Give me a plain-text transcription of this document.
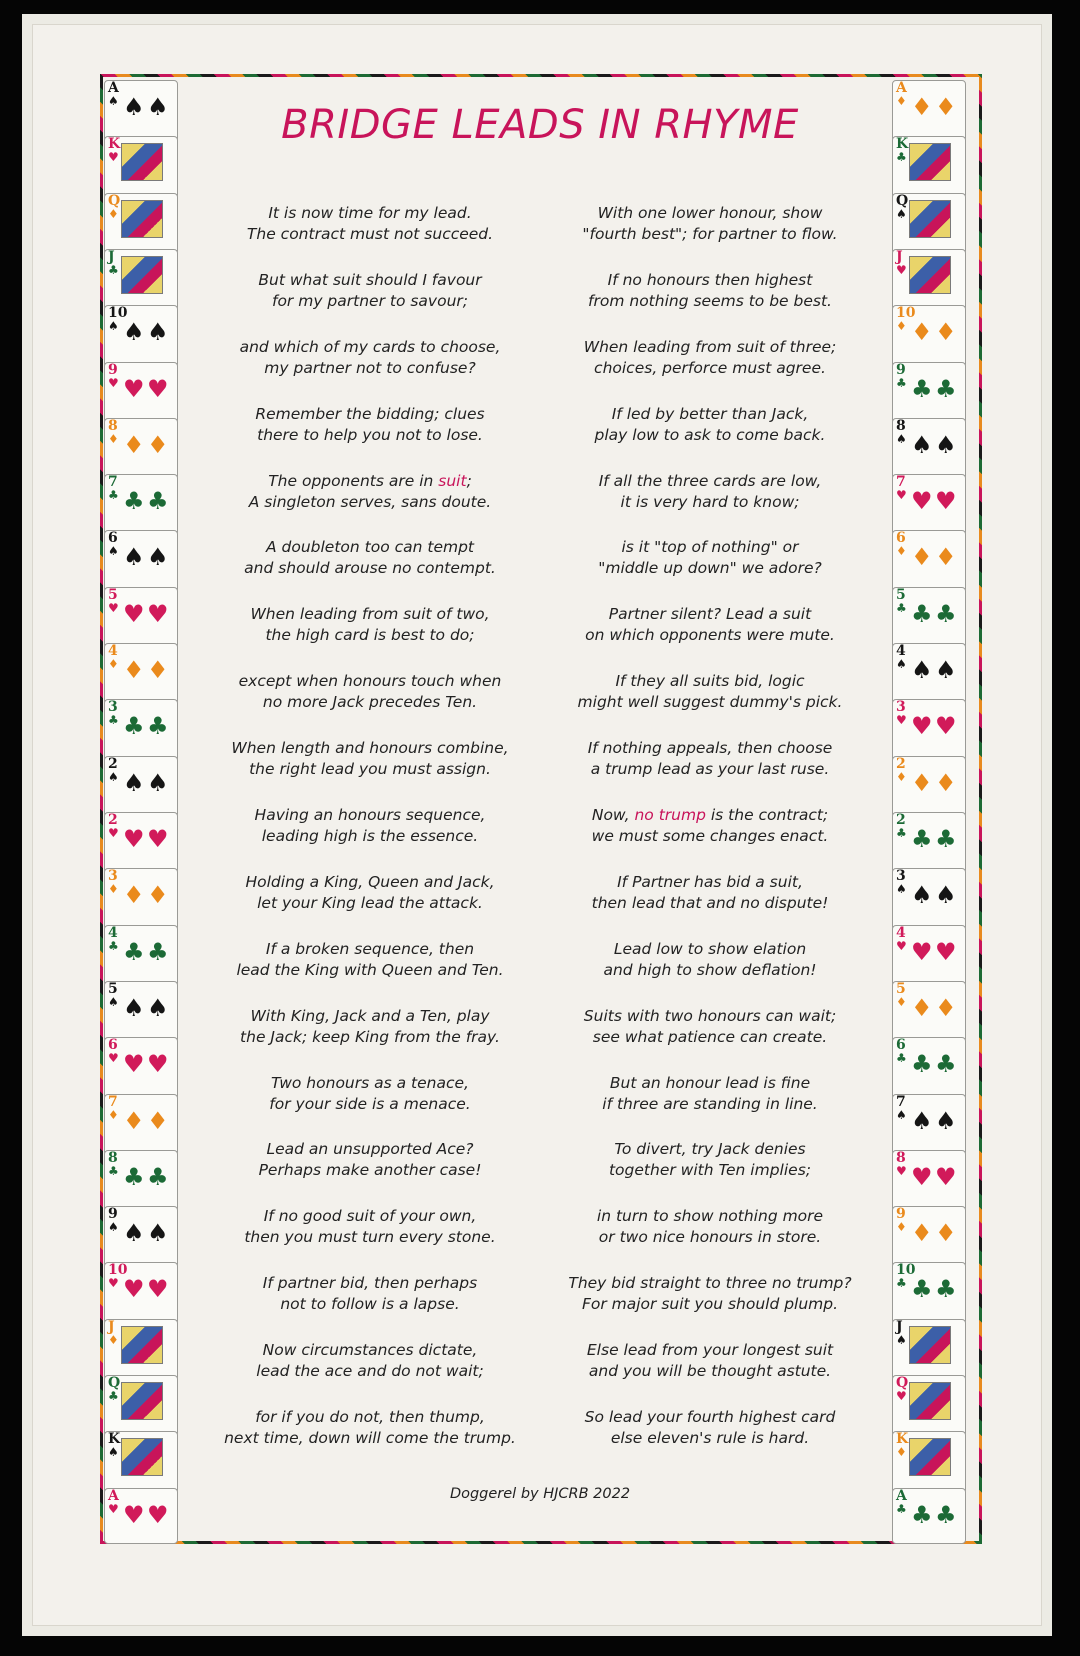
A
♠ ♠ ♠
K
♥
Q
♦
J
♣
10
♠ ♠ ♠
9
♥ ♥ ♥
8
♦ ♦ ♦
7
♣ ♣ ♣
6
♠ ♠ ♠
5
♥ ♥ ♥
4
♦ ♦ ♦
3
♣ ♣ ♣
2
♠ ♠ ♠
2
♥ ♥ ♥
3
♦ ♦ ♦
4
♣ ♣ ♣
5
♠ ♠ ♠
6
♥ ♥ ♥
7
♦ ♦ ♦
8
♣ ♣ ♣
9
♠ ♠ ♠
10
♥ ♥ ♥
J
♦
Q
♣
K
♠
A
♥ ♥ ♥
A
♦ ♦ ♦
K
♣
Q
♠
J
♥
10
♦ ♦ ♦
9
♣ ♣ ♣
8
♠ ♠ ♠
7
♥ ♥ ♥
6
♦ ♦ ♦
5
♣ ♣ ♣
4
♠ ♠ ♠
3
♥ ♥ ♥
2
♦ ♦ ♦
2
♣ ♣ ♣
3
♠ ♠ ♠
4
♥ ♥ ♥
5
♦ ♦ ♦
6
♣ ♣ ♣
7
♠ ♠ ♠
8
♥ ♥ ♥
9
♦ ♦ ♦
10
♣ ♣ ♣
J
♠
Q
♥
K
♦
A
♣ ♣ ♣
BRIDGE LEADS IN RHYME

It is now time for my lead.

The contract must not succeed.

But what suit should I favour

for my partner to savour;

and which of my cards to choose,

my partner not to confuse?

Remember the bidding; clues

there to help you not to lose.

The opponents are in suit;

A singleton serves, sans doute.

A doubleton too can tempt

and should arouse no contempt.

When leading from suit of two,

the high card is best to do;

except when honours touch when

no more Jack precedes Ten.

When length and honours combine,

the right lead you must assign.

Having an honours sequence,

leading high is the essence.

Holding a King, Queen and Jack,

let your King lead the attack.

If a broken sequence, then

lead the King with Queen and Ten.

With King, Jack and a Ten, play

the Jack; keep King from the fray.

Two honours as a tenace,

for your side is a menace.

Lead an unsupported Ace?

Perhaps make another case!

If no good suit of your own,

then you must turn every stone.

If partner bid, then perhaps

not to follow is a lapse.

Now circumstances dictate,

lead the ace and do not wait;

for if you do not, then thump,

next time, down will come the trump.

With one lower honour, show

"fourth best"; for partner to flow.

If no honours then highest

from nothing seems to be best.

When leading from suit of three;

choices, perforce must agree.

If led by better than Jack,

play low to ask to come back.

If all the three cards are low,

it is very hard to know;

is it "top of nothing" or

"middle up down" we adore?

Partner silent? Lead a suit

on which opponents were mute.

If they all suits bid, logic

might well suggest dummy's pick.

If nothing appeals, then choose

a trump lead as your last ruse.

Now, no trump is the contract;

we must some changes enact.

If Partner has bid a suit,

then lead that and no dispute!

Lead low to show elation

and high to show deflation!

Suits with two honours can wait;

see what patience can create.

But an honour lead is fine

if three are standing in line.

To divert, try Jack denies

together with Ten implies;

in turn to show nothing more

or two nice honours in store.

They bid straight to three no trump?

For major suit you should plump.

Else lead from your longest suit

and you will be thought astute.

So lead your fourth highest card

else eleven's rule is hard.

Doggerel by HJCRB 2022
